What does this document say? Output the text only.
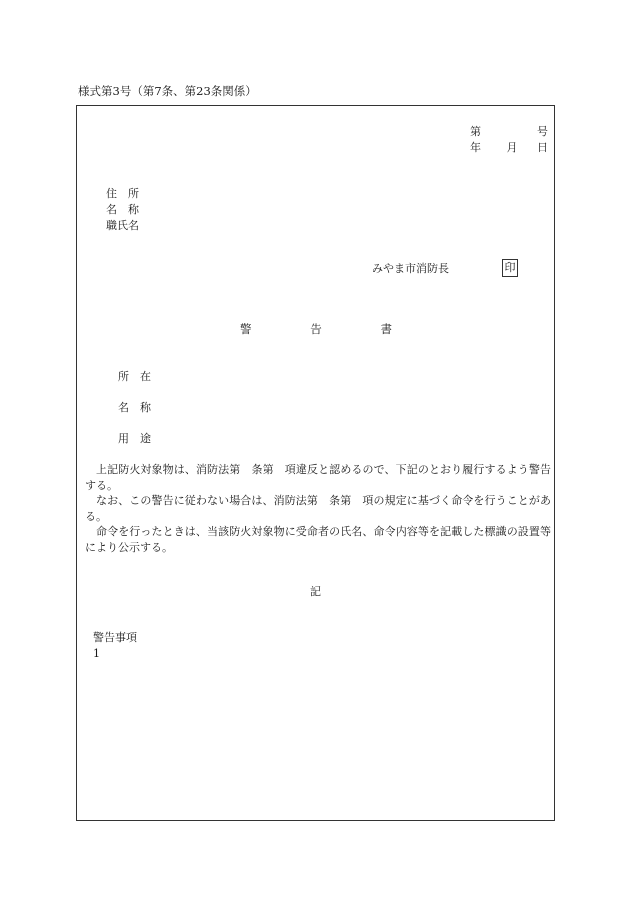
様式第3号（第7条、第23条関係）
第	号
年 月 日
住所
名称
職氏名
みやま市消防長	印
警	告	書
所在
名称
用途

上記防火対象物は、消防法第　条第　項違反と認めるので、下記のとおり履行するよう警告する。

なお、この警告に従わない場合は、消防法第　条第　項の規定に基づく命令を行うことがある。

命令を行ったときは、当該防火対象物に受命者の氏名、命令内容等を記載した標識の設置等により公示する。

記
警告事項
1
